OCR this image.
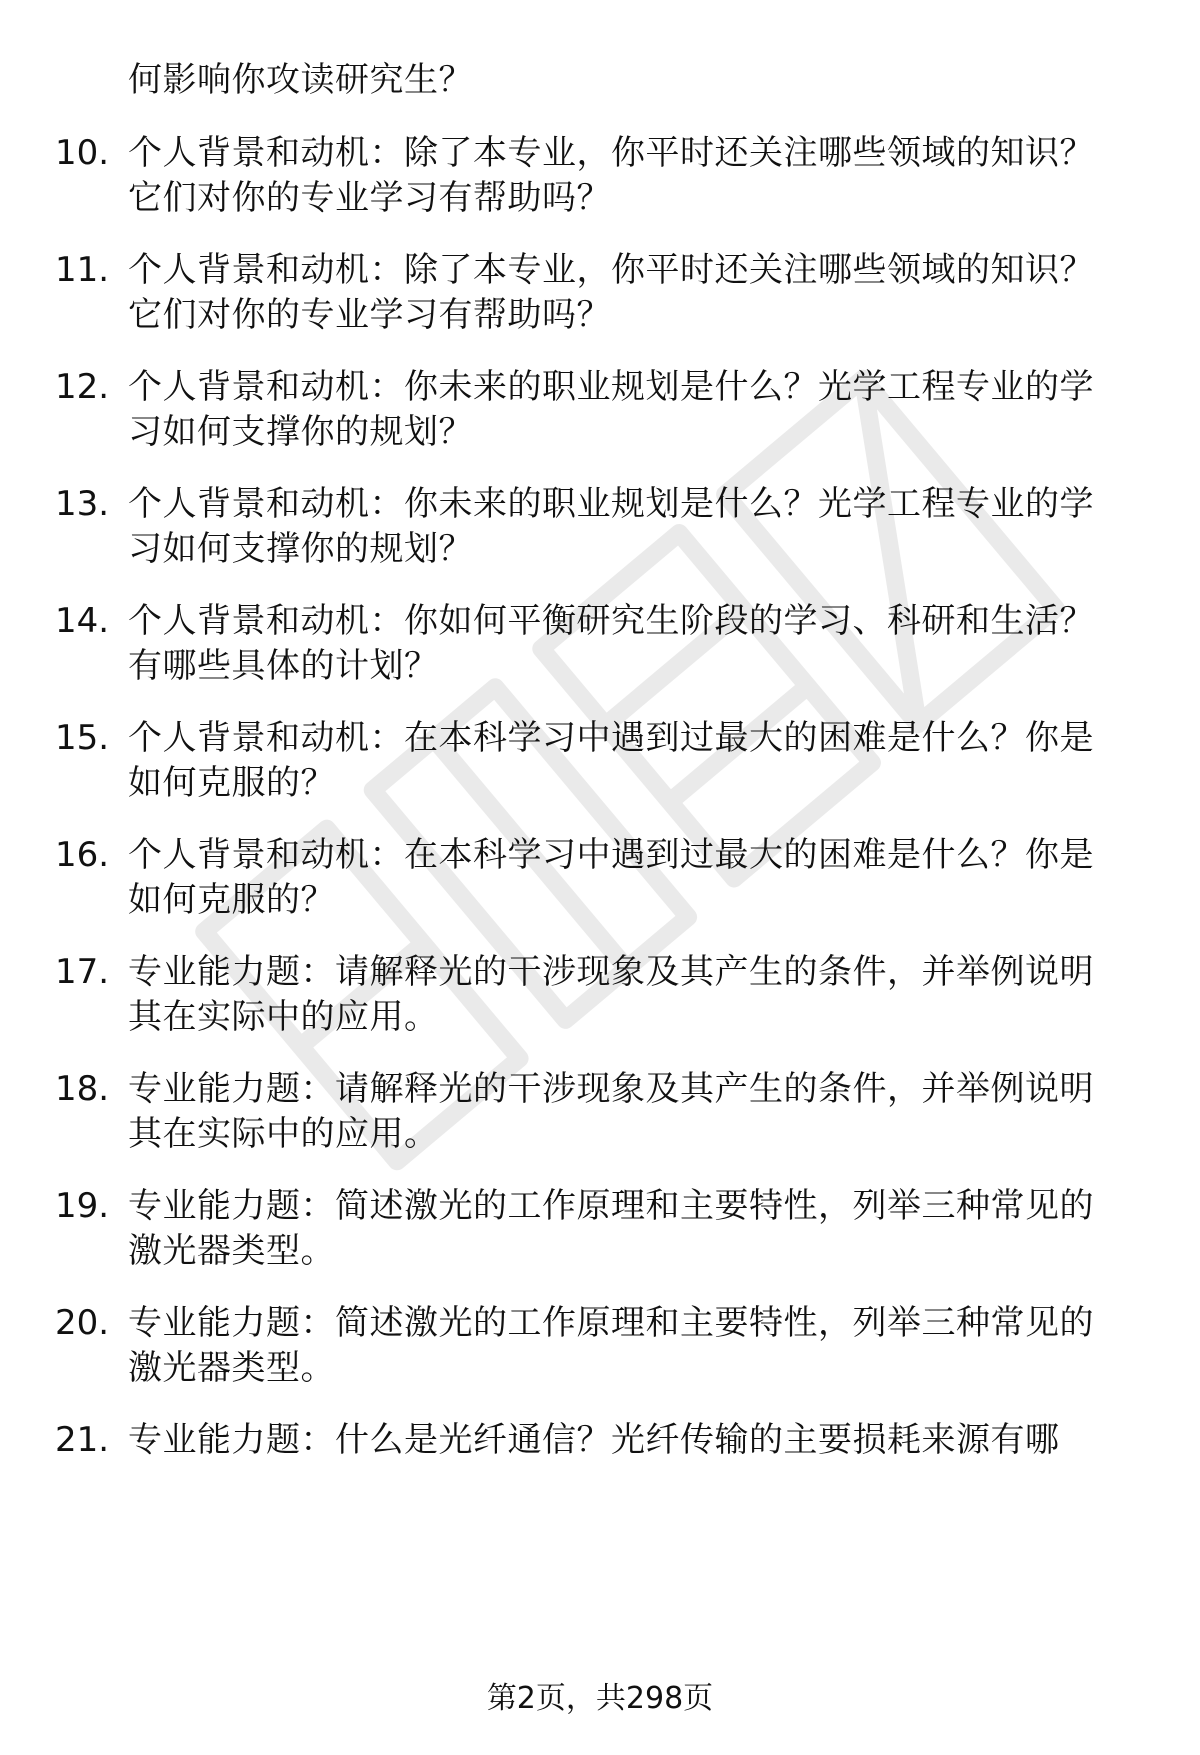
何影响你攻读研究生？
10. 个人背景和动机：除了本专业，你平时还关注哪些领域的知识？
它们对你的专业学习有帮助吗？
11. 个人背景和动机：除了本专业，你平时还关注哪些领域的知识？
它们对你的专业学习有帮助吗？
12. 个人背景和动机：你未来的职业规划是什么？光学工程专业的学
习如何支撑你的规划？
13. 个人背景和动机：你未来的职业规划是什么？光学工程专业的学
习如何支撑你的规划？
14. 个人背景和动机：你如何平衡研究生阶段的学习、科研和生活？
有哪些具体的计划？
15. 个人背景和动机：在本科学习中遇到过最大的困难是什么？你是
如何克服的？
16. 个人背景和动机：在本科学习中遇到过最大的困难是什么？你是
如何克服的？
17. 专业能力题：请解释光的干涉现象及其产生的条件，并举例说明
其在实际中的应用。
18. 专业能力题：请解释光的干涉现象及其产生的条件，并举例说明
其在实际中的应用。
19. 专业能力题：简述激光的工作原理和主要特性，列举三种常见的
激光器类型。
20. 专业能力题：简述激光的工作原理和主要特性，列举三种常见的
激光器类型。
21. 专业能力题：什么是光纤通信？光纤传输的主要损耗来源有哪
第2页，共298页
